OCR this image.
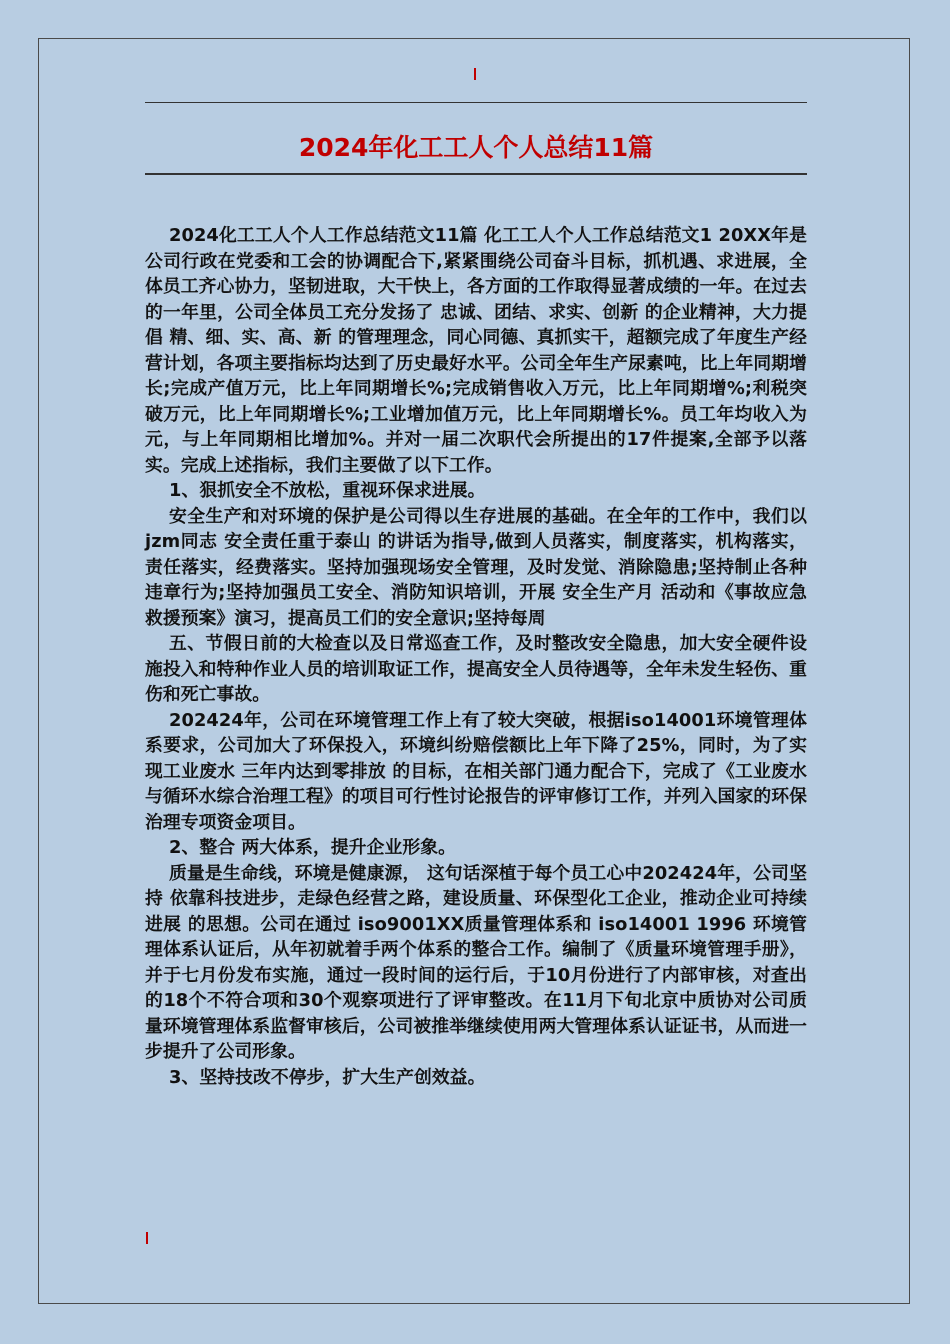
2024年化工工人个人总结11篇

2024化工工人个人工作总结范文11篇 化工工人个人工作总结范文1 20XX年是公司行政在党委和工会的协调配合下,紧紧围绕公司奋斗目标，抓机遇、求进展，全体员工齐心协力，坚韧进取，大干快上，各方面的工作取得显著成绩的一年。在过去的一年里，公司全体员工充分发扬了 忠诚、团结、求实、创新 的企业精神，大力提倡 精、细、实、高、新 的管理理念，同心同德、真抓实干，超额完成了年度生产经营计划，各项主要指标均达到了历史最好水平。公司全年生产尿素吨，比上年同期增长;完成产值万元，比上年同期增长%;完成销售收入万元，比上年同期增%;利税突破万元，比上年同期增长%;工业增加值万元，比上年同期增长%。员工年均收入为元，与上年同期相比增加%。并对一届二次职代会所提出的17件提案,全部予以落实。完成上述指标，我们主要做了以下工作。

1、狠抓安全不放松，重视环保求进展。

安全生产和对环境的保护是公司得以生存进展的基础。在全年的工作中，我们以 jzm同志 安全责任重于泰山 的讲话为指导,做到人员落实，制度落实，机构落实，责任落实，经费落实。坚持加强现场安全管理，及时发觉、消除隐患;坚持制止各种违章行为;坚持加强员工安全、消防知识培训，开展 安全生产月 活动和《事故应急救援预案》演习，提高员工们的安全意识;坚持每周

五、节假日前的大检查以及日常巡查工作，及时整改安全隐患，加大安全硬件设施投入和特种作业人员的培训取证工作，提高安全人员待遇等，全年未发生轻伤、重伤和死亡事故。

202424年，公司在环境管理工作上有了较大突破，根据iso14001环境管理体系要求，公司加大了环保投入，环境纠纷赔偿额比上年下降了25%，同时，为了实现工业废水 三年内达到零排放 的目标，在相关部门通力配合下，完成了《工业废水与循环水综合治理工程》的项目可行性讨论报告的评审修订工作，并列入国家的环保治理专项资金项目。

2、整合 两大体系，提升企业形象。

质量是生命线，环境是健康源， 这句话深植于每个员工心中202424年，公司坚持 依靠科技进步，走绿色经营之路，建设质量、环保型化工企业，推动企业可持续进展 的思想。公司在通过 iso9001XX质量管理体系和 iso14001 1996 环境管理体系认证后，从年初就着手两个体系的整合工作。编制了《质量环境管理手册》，并于七月份发布实施，通过一段时间的运行后，于10月份进行了内部审核，对查出的18个不符合项和30个观察项进行了评审整改。在11月下旬北京中质协对公司质量环境管理体系监督审核后，公司被推举继续使用两大管理体系认证证书，从而进一步提升了公司形象。

3、坚持技改不停步，扩大生产创效益。
